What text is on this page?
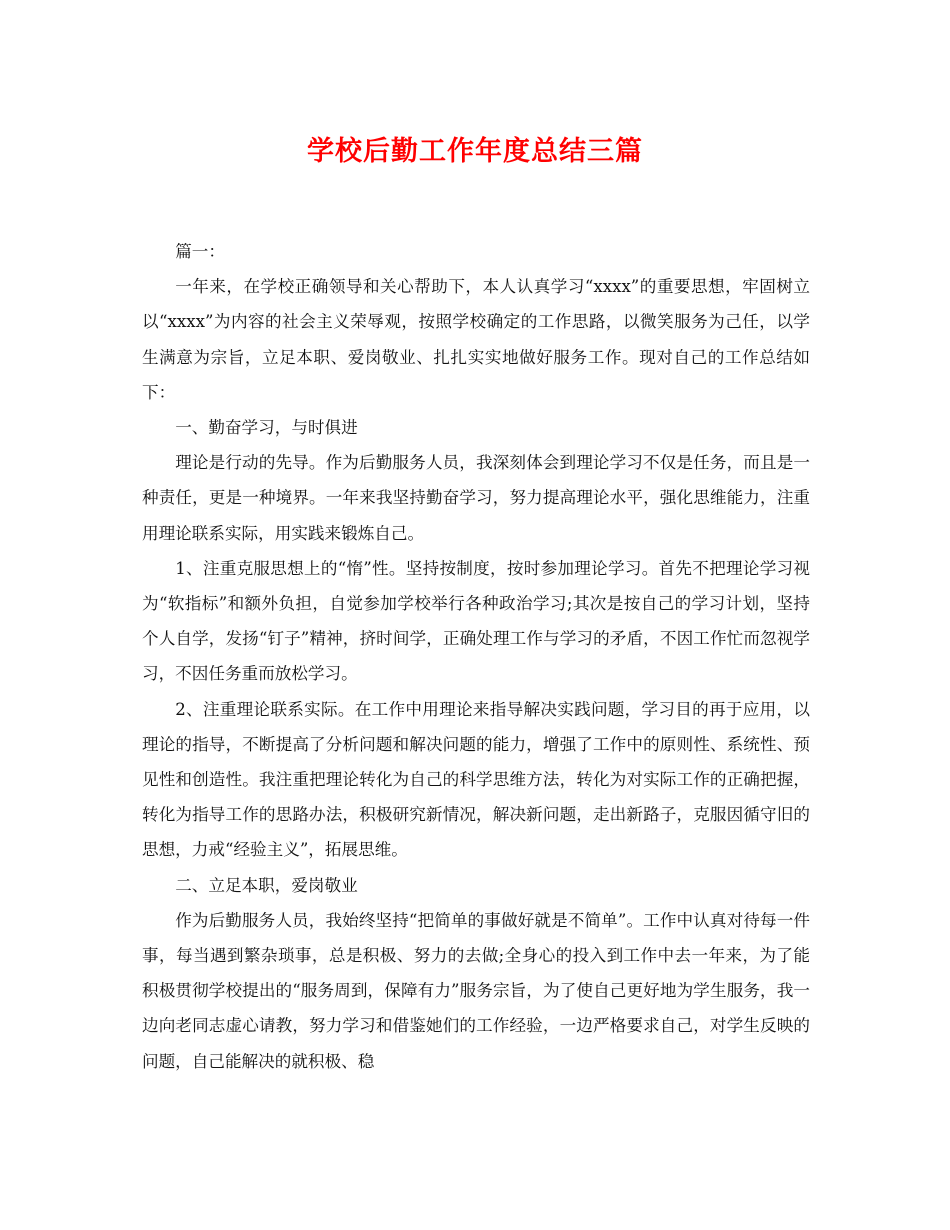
学校后勤工作年度总结三篇

篇一：

一年来，在学校正确领导和关心帮助下，本人认真学习“xxxx”的重要思想，牢固树立以“xxxx”为内容的社会主义荣辱观，按照学校确定的工作思路，以微笑服务为己任，以学生满意为宗旨，立足本职、爱岗敬业、扎扎实实地做好服务工作。现对自己的工作总结如下：

一、勤奋学习，与时俱进

理论是行动的先导。作为后勤服务人员，我深刻体会到理论学习不仅是任务，而且是一种责任，更是一种境界。一年来我坚持勤奋学习，努力提高理论水平，强化思维能力，注重用理论联系实际，用实践来锻炼自己。

1、注重克服思想上的“惰”性。坚持按制度，按时参加理论学习。首先不把理论学习视为“软指标”和额外负担，自觉参加学校举行各种政治学习;其次是按自己的学习计划，坚持个人自学，发扬“钉子”精神，挤时间学，正确处理工作与学习的矛盾，不因工作忙而忽视学习，不因任务重而放松学习。

2、注重理论联系实际。在工作中用理论来指导解决实践问题，学习目的再于应用，以理论的指导，不断提高了分析问题和解决问题的能力，增强了工作中的原则性、系统性、预见性和创造性。我注重把理论转化为自己的科学思维方法，转化为对实际工作的正确把握，转化为指导工作的思路办法，积极研究新情况，解决新问题，走出新路子，克服因循守旧的思想，力戒“经验主义”，拓展思维。

二、立足本职，爱岗敬业

作为后勤服务人员，我始终坚持“把简单的事做好就是不简单”。工作中认真对待每一件事，每当遇到繁杂琐事，总是积极、努力的去做;全身心的投入到工作中去一年来，为了能积极贯彻学校提出的“服务周到，保障有力”服务宗旨，为了使自己更好地为学生服务，我一边向老同志虚心请教，努力学习和借鉴她们的工作经验，一边严格要求自己，对学生反映的问题，自己能解决的就积极、稳
